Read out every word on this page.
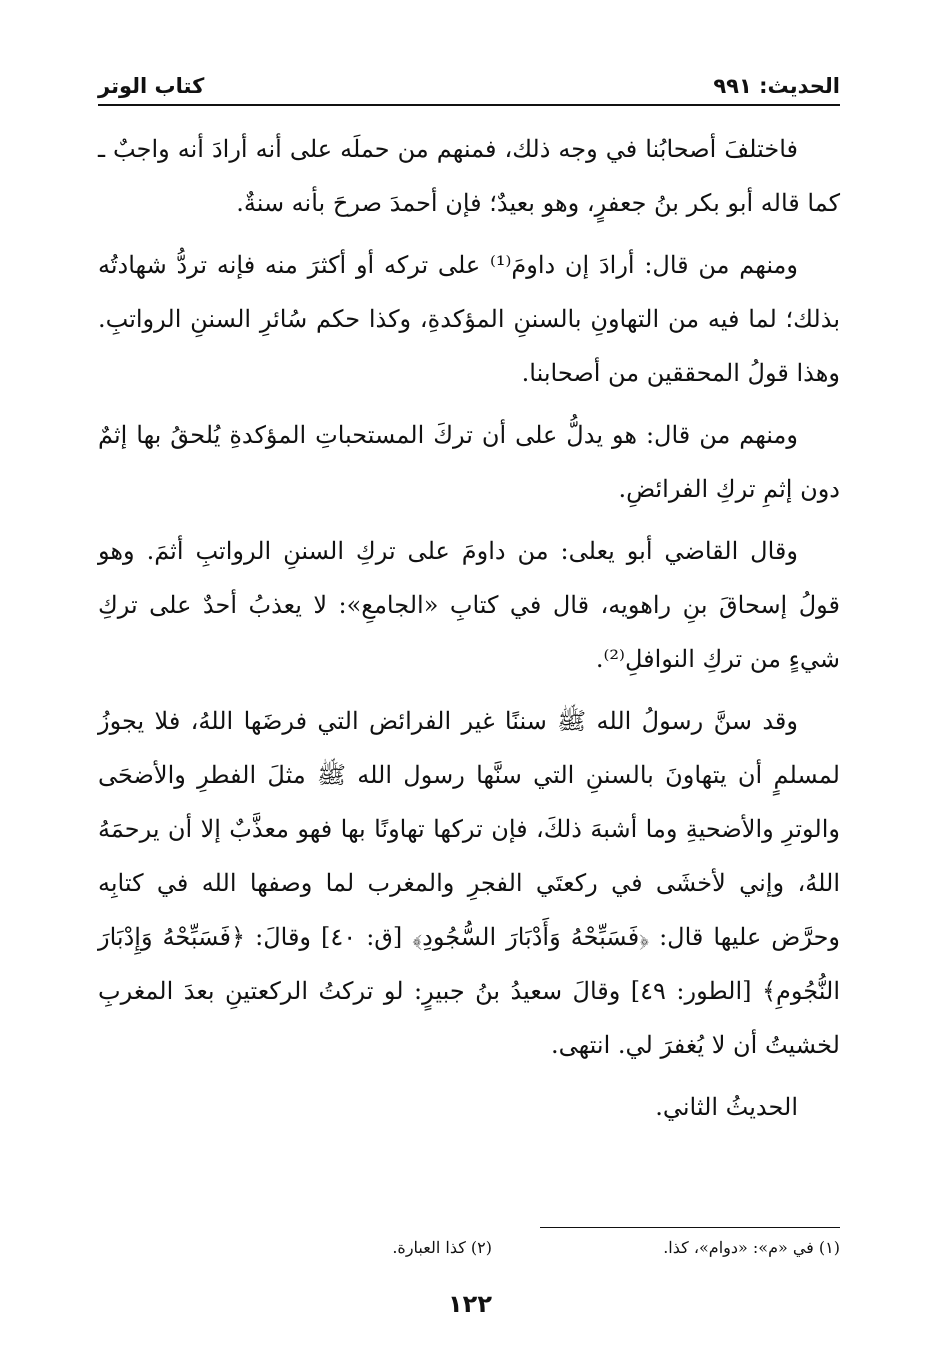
الحديث: ٩٩١
كتاب الوتر

فاختلفَ أصحابُنا في وجه ذلك، فمنهم من حملَه على أنه أرادَ أنه واجبٌ ـ كما قاله أبو بكر بنُ جعفرٍ، وهو بعيدٌ؛ فإن أحمدَ صرحَ بأنه سنةٌ.

ومنهم من قال: أرادَ إن داومَ⁽¹⁾ على تركه أو أكثرَ منه فإنه تردُّ شهادتُه بذلك؛ لما فيه من التهاونِ بالسننِ المؤكدةِ، وكذا حكم سُائرِ السننِ الرواتبِ. وهذا قولُ المحققين من أصحابنا.

ومنهم من قال: هو يدلُّ على أن تركَ المستحباتِ المؤكدةِ يُلحقُ بها إثمٌ دون إثمِ تركِ الفرائضِ.

وقال القاضي أبو يعلى: من داومَ على تركِ السننِ الرواتبِ أثمَ. وهو قولُ إسحاقَ بنِ راهويه، قال في كتابِ «الجامعِ»: لا يعذبُ أحدٌ على تركِ شيءٍ من تركِ النوافلِ⁽²⁾.

وقد سنَّ رسولُ الله ﷺ سننًا غير الفرائض التي فرضَها اللهُ، فلا يجوزُ لمسلمٍ أن يتهاونَ بالسننِ التي سنَّها رسول الله ﷺ مثلَ الفطرِ والأضحَى والوترِ والأضحيةِ وما أشبهَ ذلكَ، فإن تركها تهاونًا بها فهو معذَّبٌ إلا أن يرحمَهُ اللهُ، وإني لأخشَى في ركعتَي الفجرِ والمغرب لما وصفها الله في كتابِه وحرَّض عليها قال: ﴿فَسَبِّحْهُ وَأَدْبَارَ السُّجُودِ﴾ [ق: ٤٠] وقالَ: ﴿فَسَبِّحْهُ وَإِدْبَارَ النُّجُومِ﴾ [الطور: ٤٩] وقالَ سعيدُ بنُ جبيرٍ: لو تركتُ الركعتينِ بعدَ المغربِ لخشيتُ أن لا يُغفرَ لي. انتهى.

الحديثُ الثاني.

(١) في «م»: «دوام»، كذا.
(٢) كذا العبارة.
١٢٢
